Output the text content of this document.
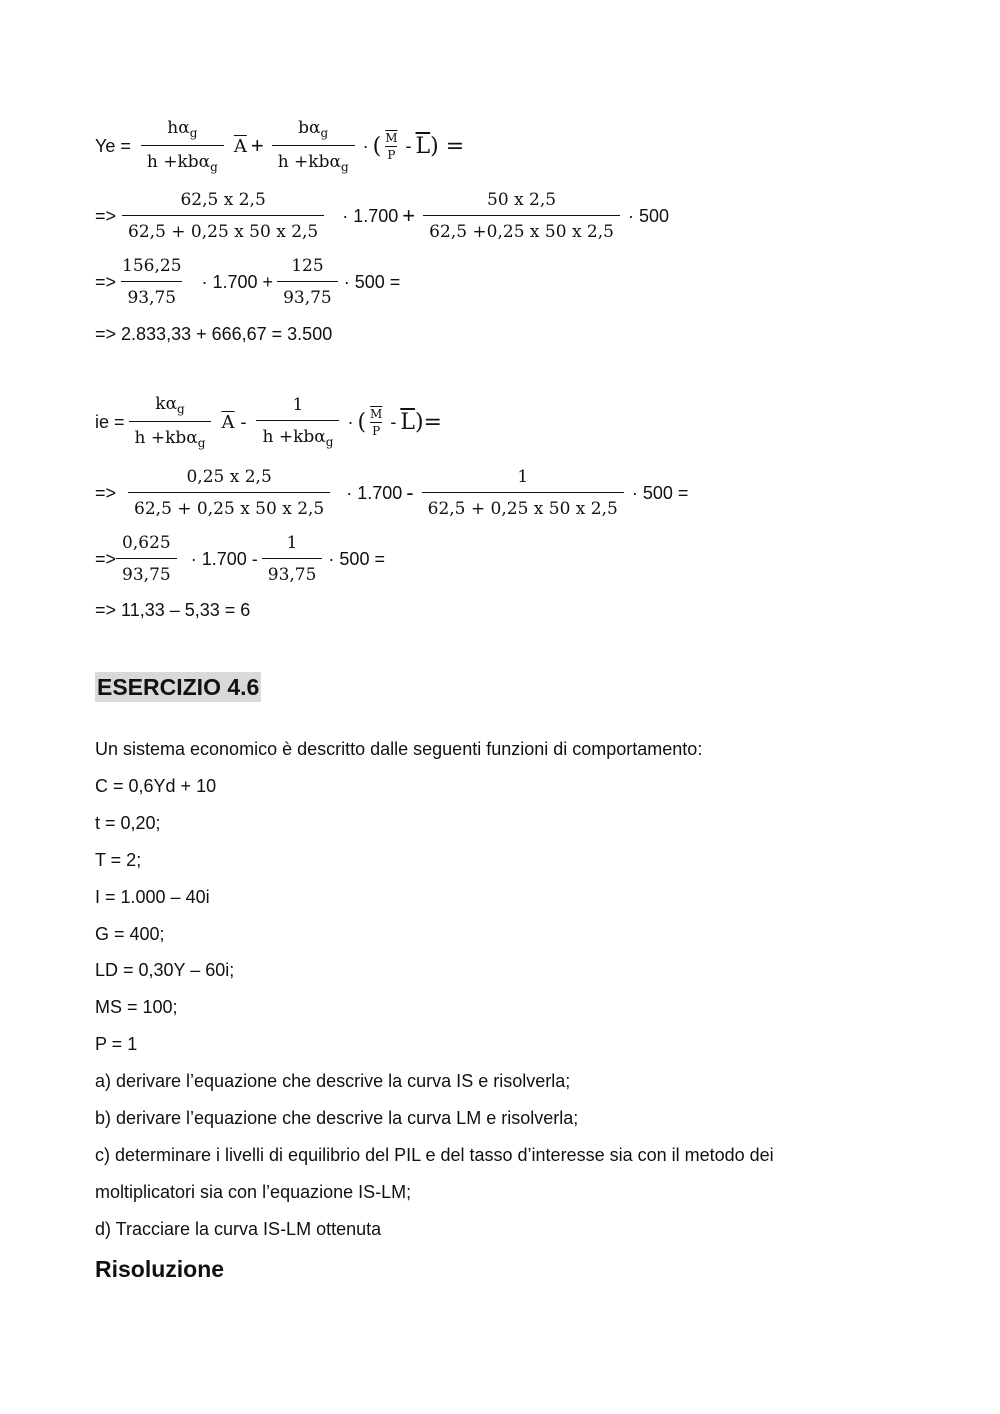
$Ye = \frac{h\alpha_g}{h +kb\alpha_g} \overline{A} + \frac{b\alpha_g}{h +kb\alpha_g}$ · ( $\frac{\overline{M}}{P} - \overline{L}$ ) =
=> $\frac{62,5 x 2,5}{62,5 + 0,25 x 50 x 2,5} \cdot 1.700 + \frac{50 x 2,5}{62,5 +0,25 x 50 x 2,5} \cdot 500$
=> $\frac{156,25}{93,75} \cdot 1.700 + \frac{125}{93,75} \cdot 500$ =
=> 2.833,33 + 666,67 = 3.500
ie = $\frac{k\alpha_g}{h +kb\alpha_g} \overline{A} - \frac{1}{h +kb\alpha_g}$ · ( $\frac{\overline{M}}{P} - \overline{L}$ )=
=> $\frac{0,25 x 2,5}{62,5 + 0,25 x 50 x 2,5} \cdot 1.700 - \frac{1}{62,5 + 0,25 x 50 x 2,5} \cdot 500$ =
=> $\frac{0,625}{93,75} \cdot 1.700 - \frac{1}{93,75} \cdot 500$ =
=> 11,33 – 5,33 = 6
ESERCIZIO 4.6
Un sistema economico è descritto dalle seguenti funzioni di comportamento:
C = 0,6Yd + 10
t = 0,20;
T = 2;
I = 1.000 – 40i
G = 400;
LD = 0,30Y – 60i;
MS = 100;
P = 1
a) derivare l’equazione che descrive la curva IS e risolverla;
b) derivare l’equazione che descrive la curva LM e risolverla;
c) determinare i livelli di equilibrio del PIL e del tasso d’interesse sia con il metodo dei
moltiplicatori sia con l’equazione IS-LM;
d) Tracciare la curva IS-LM ottenuta
Risoluzione
